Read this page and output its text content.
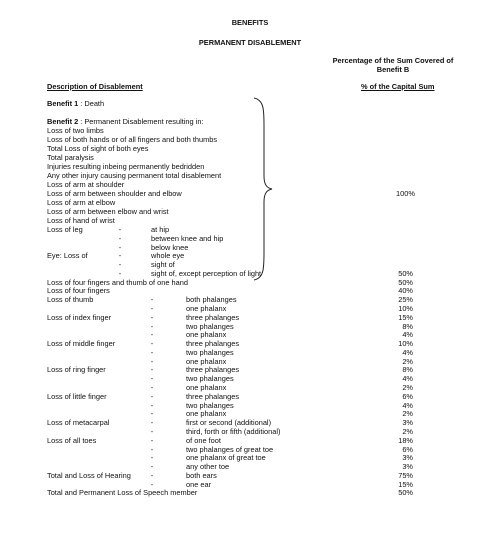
BENEFITS
PERMANENT DISABLEMENT
Percentage of the Sum Covered of
Benefit B
Description of Disablement	% of the Capital Sum
Benefit 1 : Death
Benefit 2 : Permanent Disablement resulting in:
Loss of two limbs
Loss of both hands or of all fingers and both thumbs
Total Loss of sight of both eyes
Total paralysis
Injuries resulting inbeing permanently bedridden
Any other injury causing permanent total disablement
Loss of arm at shoulder
Loss of arm between shoulder and elbow
Loss of arm at elbow
Loss of arm between elbow and wrist
Loss of hand of wrist
100%
Loss of leg
Eye: Loss of
Loss of four fingers and thumb of one hand
Loss of four fingers
Loss of thumb
Loss of index finger
Loss of middle finger
Loss of ring finger
Loss of little finger
Loss of metacarpal
Loss of all toes
Total and Loss of Hearing
Total and Permanent Loss of Speech member
-
-
-
-
-
-
-
-
-
-
-
-
-
-
-
-
-
-
-
-
-
-
-
-
-
-
-
-
at hip
between knee and hip
below knee
whole eye
sight of
sight of, except perception of light
both phalanges
one phalanx
three phalanges
two phalanges
one phalanx
three phalanges
two phalanges
one phalanx
three phalanges
two phalanges
one phalanx
three phalanges
two phalanges
one phalanx
first or second (additional)
third, forth or fifth (additional)
of one foot
two phalanges of great toe
one phalanx of great toe
any other toe
both ears
one ear
50%
50%
40%
25%
10%
15%
8%
4%
10%
4%
2%
8%
4%
2%
6%
4%
2%
3%
2%
18%
6%
3%
3%
75%
15%
50%
